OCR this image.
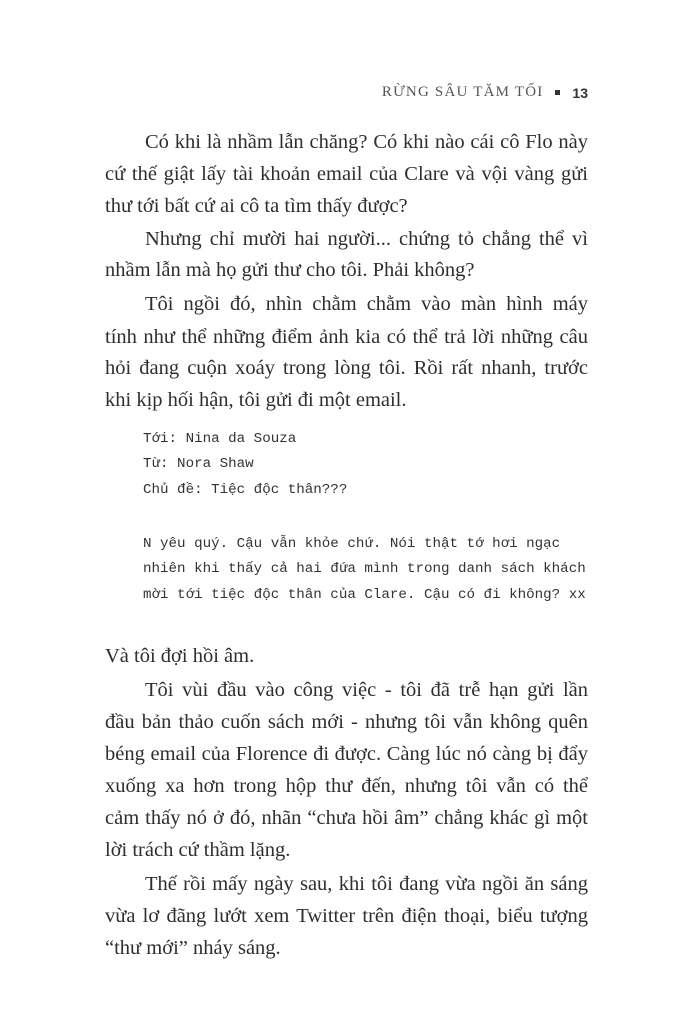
RỪNG SÂU TĂM TỐI 13
Có khi là nhầm lẫn chăng? Có khi nào cái cô Flo này
cứ thế giật lấy tài khoản email của Clare và vội vàng gửi
thư tới bất cứ ai cô ta tìm thấy được?
Nhưng chỉ mười hai người... chứng tỏ chẳng thể vì
nhầm lẫn mà họ gửi thư cho tôi. Phải không?
Tôi ngồi đó, nhìn chằm chằm vào màn hình máy
tính như thể những điểm ảnh kia có thể trả lời những câu
hỏi đang cuộn xoáy trong lòng tôi. Rồi rất nhanh, trước
khi kịp hối hận, tôi gửi đi một email.
Tới: Nina da Souza
Từ: Nora Shaw
Chủ đề: Tiệc độc thân???
N yêu quý. Cậu vẫn khỏe chứ. Nói thật tớ hơi ngạc
nhiên khi thấy cả hai đứa mình trong danh sách khách
mời tới tiệc độc thân của Clare. Cậu có đi không? xx
Và tôi đợi hồi âm.
Tôi vùi đầu vào công việc - tôi đã trễ hạn gửi lần
đầu bản thảo cuốn sách mới - nhưng tôi vẫn không quên
béng email của Florence đi được. Càng lúc nó càng bị đẩy
xuống xa hơn trong hộp thư đến, nhưng tôi vẫn có thể
cảm thấy nó ở đó, nhãn “chưa hồi âm” chẳng khác gì một
lời trách cứ thầm lặng.
Thế rồi mấy ngày sau, khi tôi đang vừa ngồi ăn sáng
vừa lơ đãng lướt xem Twitter trên điện thoại, biểu tượng
“thư mới” nháy sáng.
